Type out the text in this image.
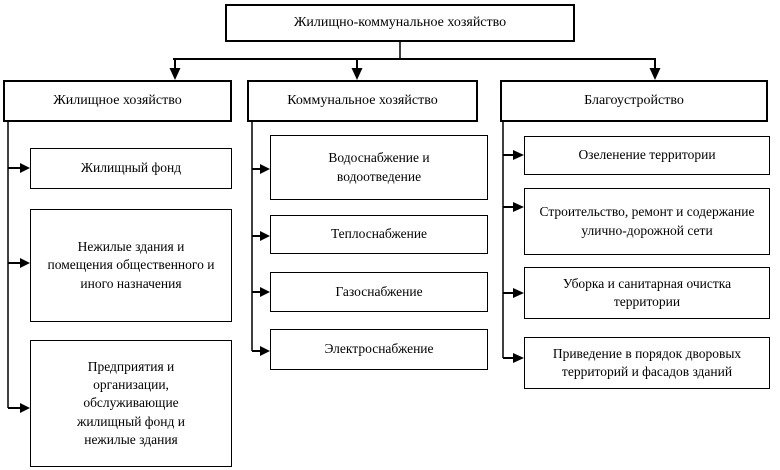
Жилищно-коммунальное хозяйство
Жилищное хозяйство	Коммунальное хозяйство	Благоустройство
Жилищный фонд
Нежилые здания и помещения общественного и иного назначения
Предприятия и организации, обслуживающие жилищный фонд и нежилые здания
Водоснабжение и водоотведение
Теплоснабжение
Газоснабжение
Электроснабжение
Озеленение территории
Строительство, ремонт и содержание улично-дорожной сети
Уборка и санитарная очистка территории
Приведение в порядок дворовых территорий и фасадов зданий
